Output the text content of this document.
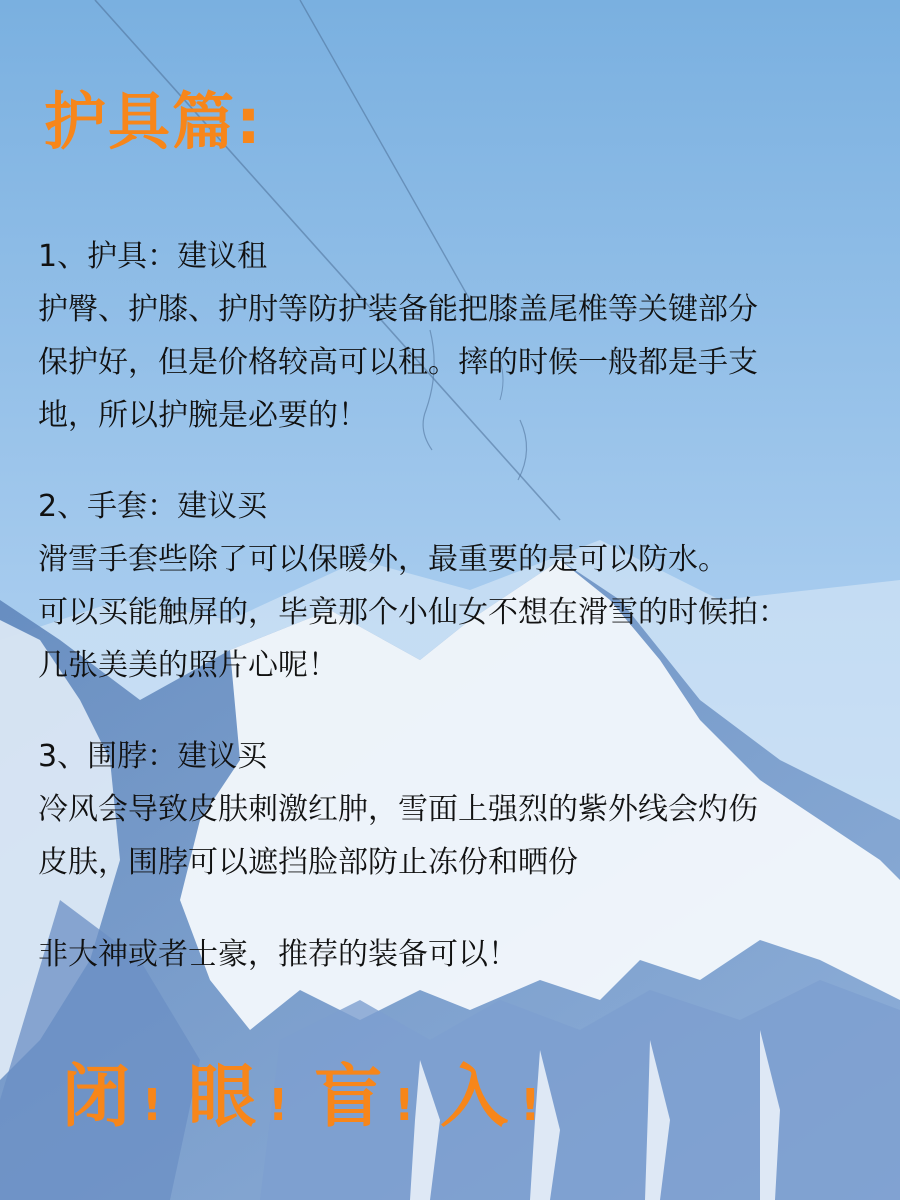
护具篇:

1、护具：建议租

护臀、护膝、护肘等防护装备能把膝盖尾椎等关键部分

保护好，但是价格较高可以租。摔的时候一般都是手支

地，所以护腕是必要的！

2、手套：建议买

滑雪手套些除了可以保暖外，最重要的是可以防水。

可以买能触屏的，毕竟那个小仙女不想在滑雪的时候拍：

几张美美的照片心呢！

3、围脖：建议买

冷风会导致皮肤刺激红肿，雪面上强烈的紫外线会灼伤

皮肤，围脖可以遮挡脸部防止冻份和晒份

非大神或者士豪，推荐的装备可以！

闭 ! 眼 ! 盲 ! 入 !
